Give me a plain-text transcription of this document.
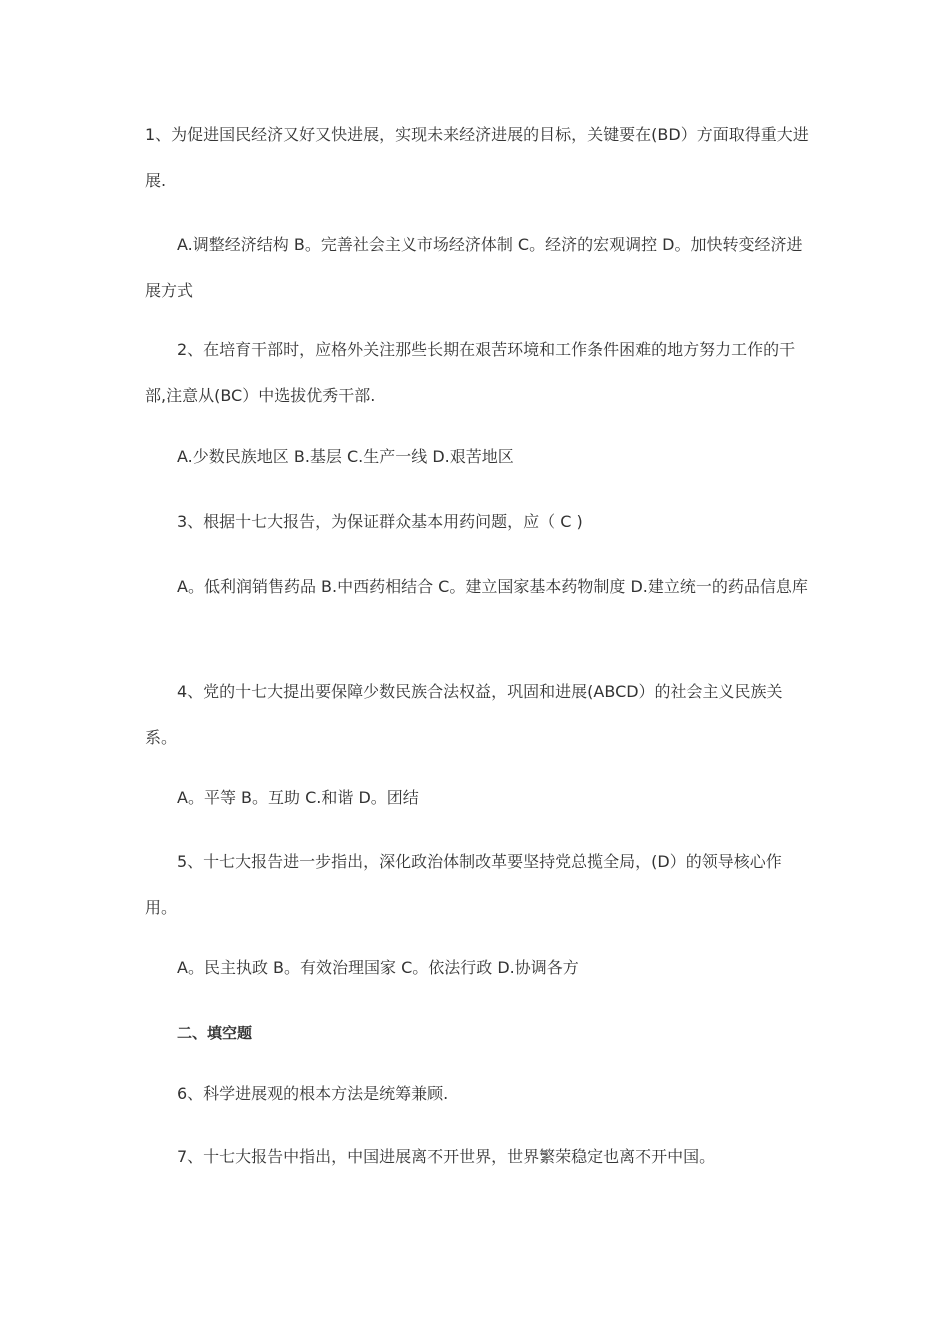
1、为促进国民经济又好又快进展，实现未来经济进展的目标，关键要在(BD）方面取得重大进展.

A.调整经济结构 B。完善社会主义市场经济体制 C。经济的宏观调控 D。加快转变经济进展方式

2、在培育干部时，应格外关注那些长期在艰苦环境和工作条件困难的地方努力工作的干部,注意从(BC）中选拔优秀干部.

A.少数民族地区 B.基层 C.生产一线 D.艰苦地区

3、根据十七大报告，为保证群众基本用药问题，应（ C )

A。低利润销售药品 B.中西药相结合 C。建立国家基本药物制度 D.建立统一的药品信息库

4、党的十七大提出要保障少数民族合法权益，巩固和进展(ABCD）的社会主义民族关系。

A。平等 B。互助 C.和谐 D。团结

5、十七大报告进一步指出，深化政治体制改革要坚持党总揽全局，(D）的领导核心作用。

A。民主执政 B。有效治理国家 C。依法行政 D.协调各方

二、填空题

6、科学进展观的根本方法是统筹兼顾.

7、十七大报告中指出，中国进展离不开世界，世界繁荣稳定也离不开中国。
